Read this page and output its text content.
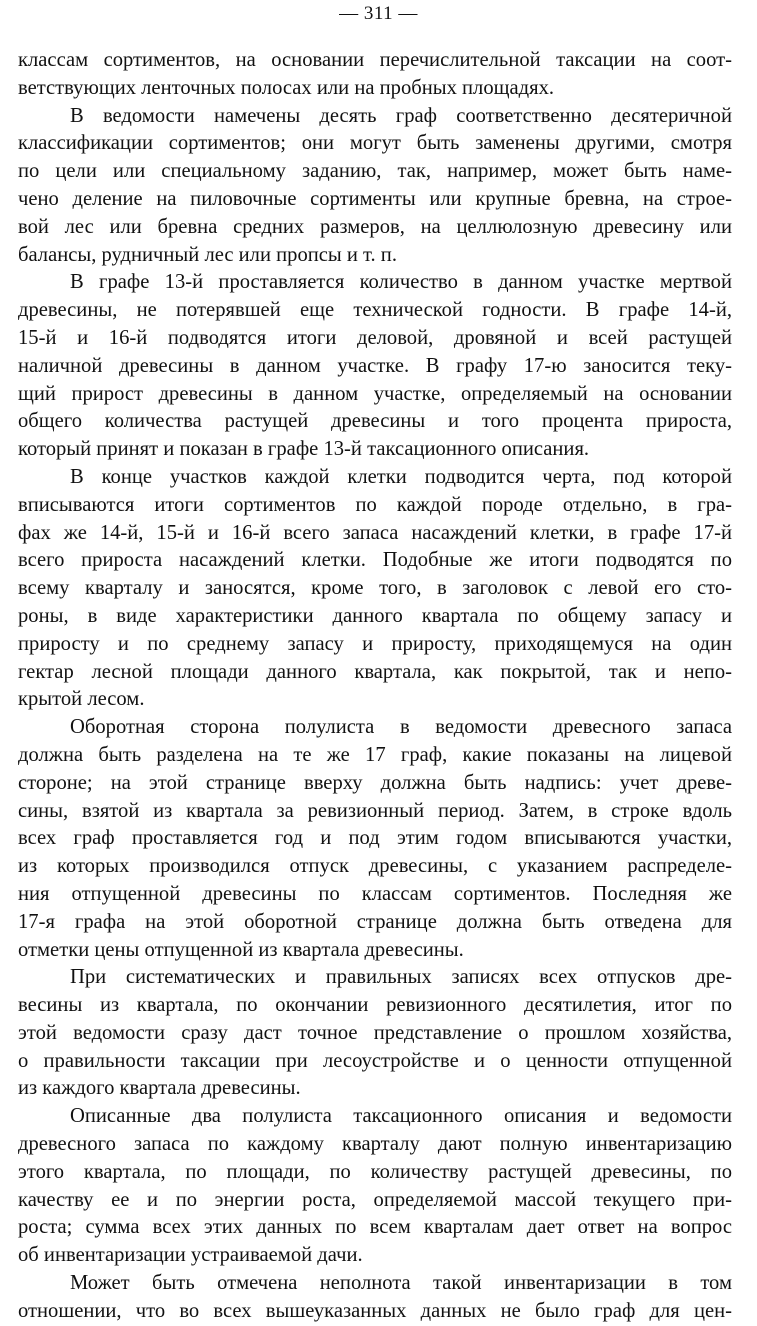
— 311 —
классам сортиментов, на основании перечислительной таксации на соот-
ветствующих ленточных полосах или на пробных площадях.
В ведомости намечены десять граф соответственно десятеричной
классификации сортиментов; они могут быть заменены другими, смотря
по цели или специальному заданию, так, например, может быть наме-
чено деление на пиловочные сортименты или крупные бревна, на строе-
вой лес или бревна средних размеров, на целлюлозную древесину или
балансы, рудничный лес или пропсы и т. п.
В графе 13-й проставляется количество в данном участке мертвой
древесины, не потерявшей еще технической годности. В графе 14-й,
15-й и 16-й подводятся итоги деловой, дровяной и всей растущей
наличной древесины в данном участке. В графу 17-ю заносится теку-
щий прирост древесины в данном участке, определяемый на основании
общего количества растущей древесины и того процента прироста,
который принят и показан в графе 13-й таксационного описания.
В конце участков каждой клетки подводится черта, под которой
вписываются итоги сортиментов по каждой породе отдельно, в гра-
фах же 14-й, 15-й и 16-й всего запаса насаждений клетки, в графе 17-й
всего прироста насаждений клетки. Подобные же итоги подводятся по
всему кварталу и заносятся, кроме того, в заголовок с левой его сто-
роны, в виде характеристики данного квартала по общему запасу и
приросту и по среднему запасу и приросту, приходящемуся на один
гектар лесной площади данного квартала, как покрытой, так и непо-
крытой лесом.
Оборотная сторона полулиста в ведомости древесного запаса
должна быть разделена на те же 17 граф, какие показаны на лицевой
стороне; на этой странице вверху должна быть надпись: учет древе-
сины, взятой из квартала за ревизионный период. Затем, в строке вдоль
всех граф проставляется год и под этим годом вписываются участки,
из которых производился отпуск древесины, с указанием распределе-
ния отпущенной древесины по классам сортиментов. Последняя же
17-я графа на этой оборотной странице должна быть отведена для
отметки цены отпущенной из квартала древесины.
При систематических и правильных записях всех отпусков дре-
весины из квартала, по окончании ревизионного десятилетия, итог по
этой ведомости сразу даст точное представление о прошлом хозяйства,
о правильности таксации при лесоустройстве и о ценности отпущенной
из каждого квартала древесины.
Описанные два полулиста таксационного описания и ведомости
древесного запаса по каждому кварталу дают полную инвентаризацию
этого квартала, по площади, по количеству растущей древесины, по
качеству ее и по энергии роста, определяемой массой текущего при-
роста; сумма всех этих данных по всем кварталам дает ответ на вопрос
об инвентаризации устраиваемой дачи.
Может быть отмечена неполнота такой инвентаризации в том
отношении, что во всех вышеуказанных данных не было граф для цен-
